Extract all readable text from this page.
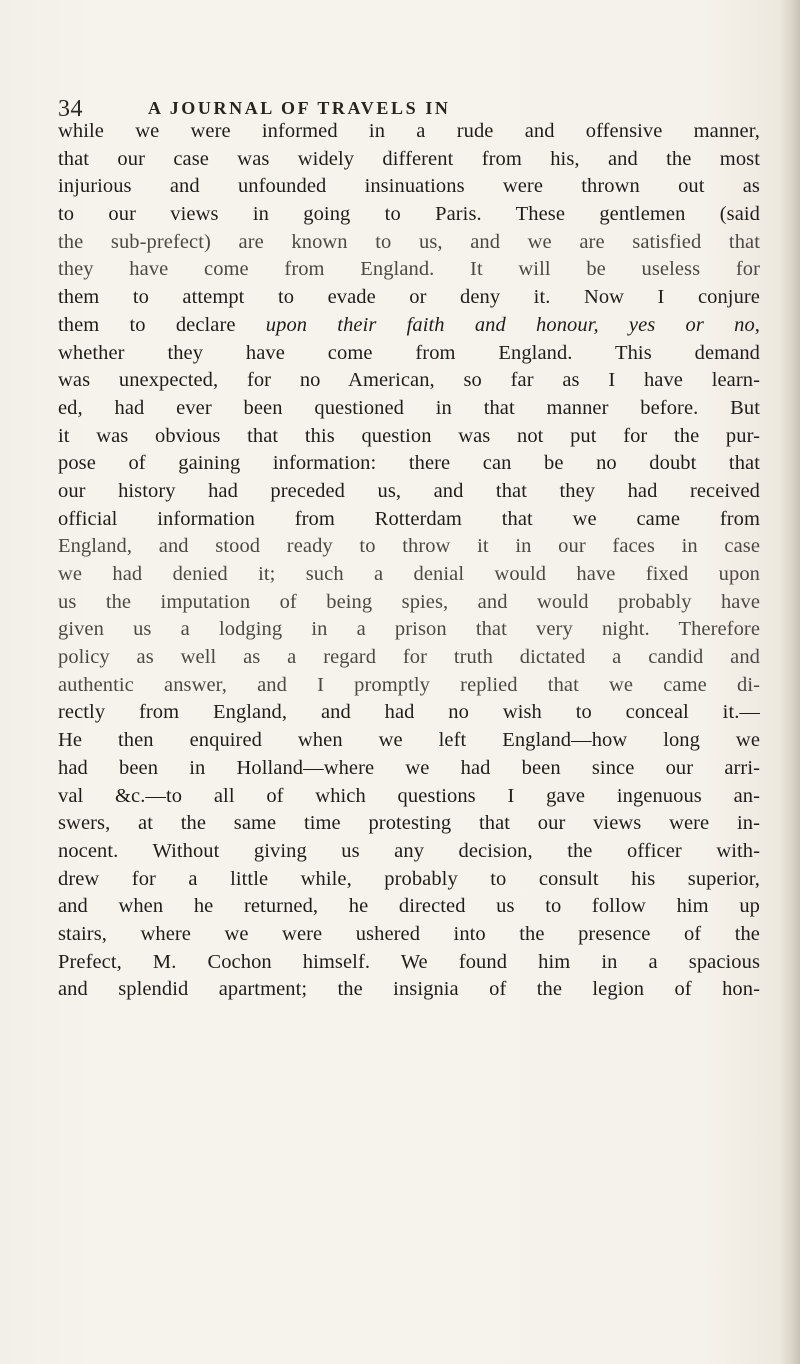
34	A JOURNAL OF TRAVELS IN
while we were informed in a rude and offensive manner,
that our case was widely different from his, and the most
injurious and unfounded insinuations were thrown out as
to our views in going to Paris. These gentlemen (said
the sub-prefect) are known to us, and we are satisfied that
they have come from England. It will be useless for
them to attempt to evade or deny it. Now I conjure
them to declare upon their faith and honour, yes or no,
whether they have come from England. This demand
was unexpected, for no American, so far as I have learn-
ed, had ever been questioned in that manner before. But
it was obvious that this question was not put for the pur-
pose of gaining information: there can be no doubt that
our history had preceded us, and that they had received
official information from Rotterdam that we came from
England, and stood ready to throw it in our faces in case
we had denied it; such a denial would have fixed upon
us the imputation of being spies, and would probably have
given us a lodging in a prison that very night. Therefore
policy as well as a regard for truth dictated a candid and
authentic answer, and I promptly replied that we came di-
rectly from England, and had no wish to conceal it.—
He then enquired when we left England—how long we
had been in Holland—where we had been since our arri-
val &c.—to all of which questions I gave ingenuous an-
swers, at the same time protesting that our views were in-
nocent. Without giving us any decision, the officer with-
drew for a little while, probably to consult his superior,
and when he returned, he directed us to follow him up
stairs, where we were ushered into the presence of the
Prefect, M. Cochon himself. We found him in a spacious
and splendid apartment; the insignia of the legion of hon-
